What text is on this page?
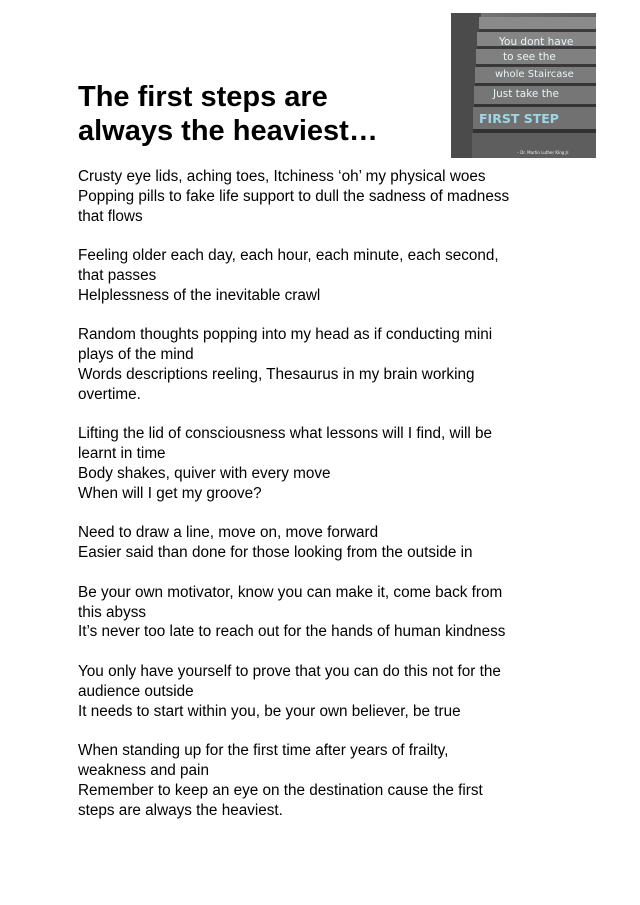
You dont have
to see the
whole Staircase
Just take the
FIRST STEP
– Dr. Martin Luther King Jr.
The first steps are
always the heaviest…
Crusty eye lids, aching toes, Itchiness ‘oh’ my physical woes
Popping pills to fake life support to dull the sadness of madness
that flows
Feeling older each day, each hour, each minute, each second,
that passes
Helplessness of the inevitable crawl
Random thoughts popping into my head as if conducting mini
plays of the mind
Words descriptions reeling, Thesaurus in my brain working
overtime.
Lifting the lid of consciousness what lessons will I find, will be
learnt in time
Body shakes, quiver with every move
When will I get my groove?
Need to draw a line, move on, move forward
Easier said than done for those looking from the outside in
Be your own motivator, know you can make it, come back from
this abyss
It’s never too late to reach out for the hands of human kindness
You only have yourself to prove that you can do this not for the
audience outside
It needs to start within you, be your own believer, be true
When standing up for the first time after years of frailty,
weakness and pain
Remember to keep an eye on the destination cause the first
steps are always the heaviest.
